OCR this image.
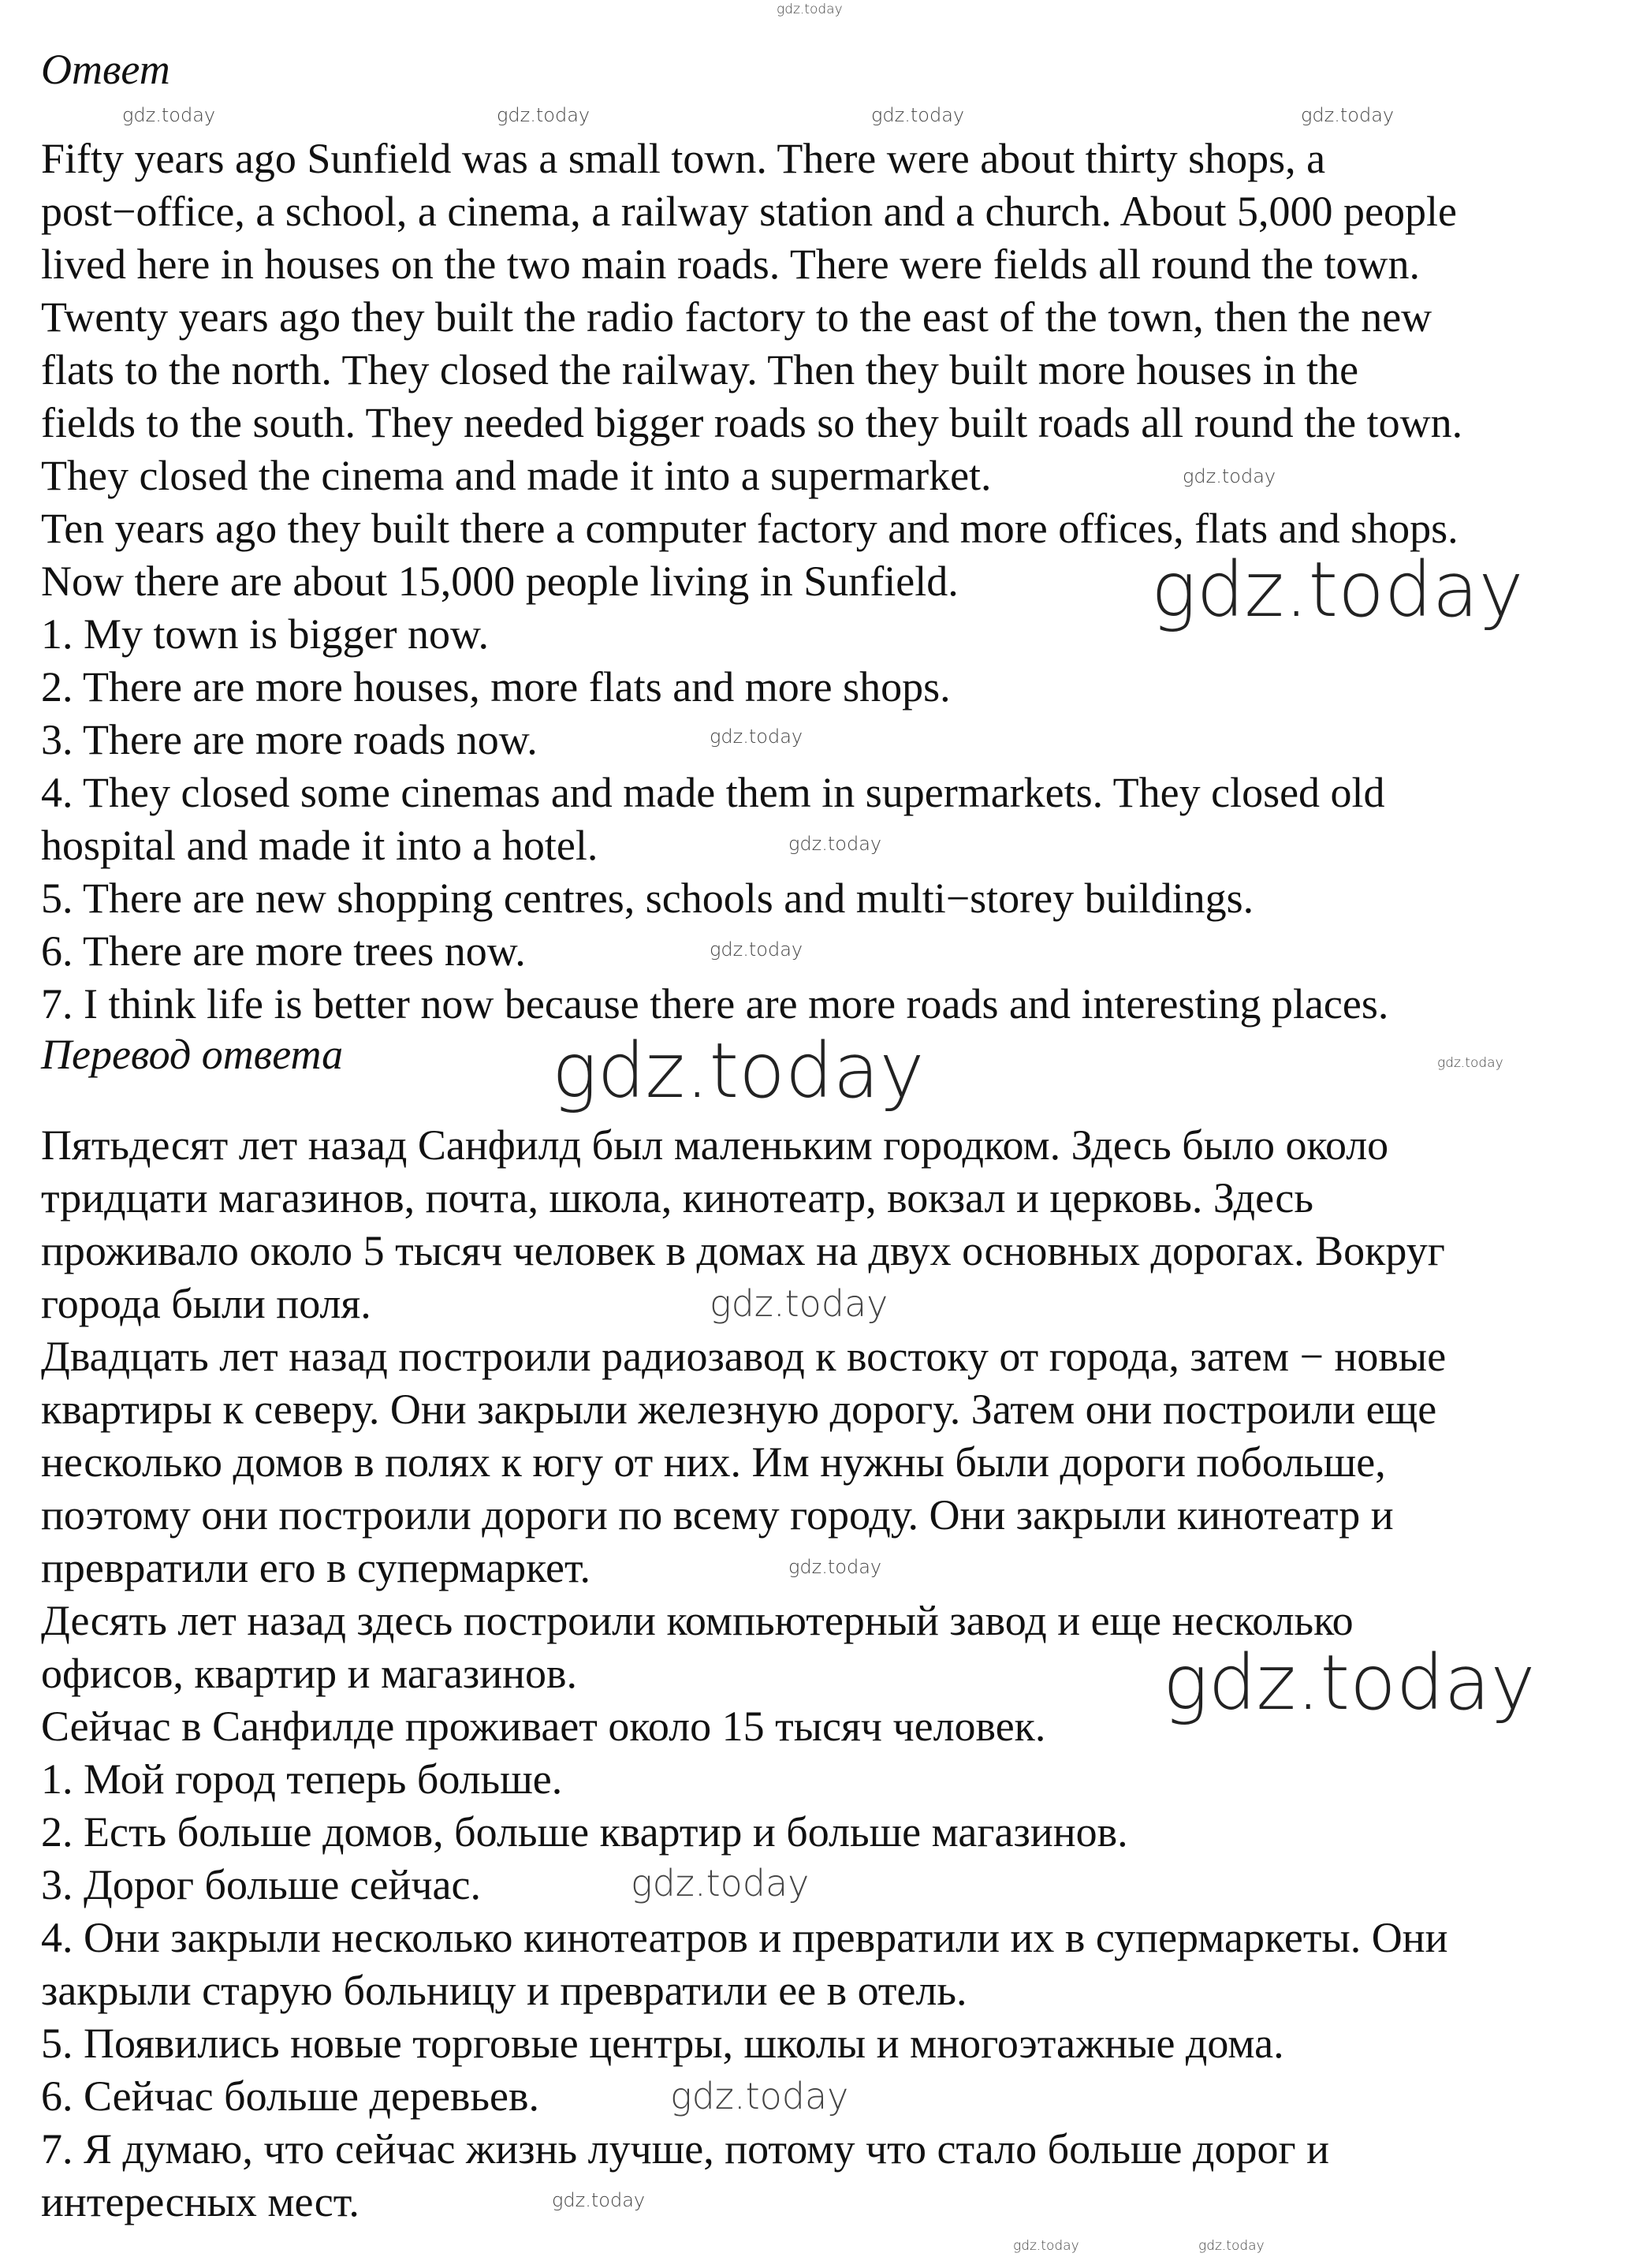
Ответ
Fifty years ago Sunfield was a small town. There were about thirty shops, a
post−office, a school, a cinema, a railway station and a church. About 5,000 people
lived here in houses on the two main roads. There were fields all round the town.
Twenty years ago they built the radio factory to the east of the town, then the new
flats to the north. They closed the railway. Then they built more houses in the
fields to the south. They needed bigger roads so they built roads all round the town.
They closed the cinema and made it into a supermarket.
Ten years ago they built there a computer factory and more offices, flats and shops.
Now there are about 15,000 people living in Sunfield.
1. My town is bigger now.
2. There are more houses, more flats and more shops.
3. There are more roads now.
4. They closed some cinemas and made them in supermarkets. They closed old
hospital and made it into a hotel.
5. There are new shopping centres, schools and multi−storey buildings.
6. There are more trees now.
7. I think life is better now because there are more roads and interesting places.
Перевод ответа
Пятьдесят лет назад Санфилд был маленьким городком. Здесь было около
тридцати магазинов, почта, школа, кинотеатр, вокзал и церковь. Здесь
проживало около 5 тысяч человек в домах на двух основных дорогах. Вокруг
города были поля.
Двадцать лет назад построили радиозавод к востоку от города, затем − новые
квартиры к северу. Они закрыли железную дорогу. Затем они построили еще
несколько домов в полях к югу от них. Им нужны были дороги побольше,
поэтому они построили дороги по всему городу. Они закрыли кинотеатр и
превратили его в супермаркет.
Десять лет назад здесь построили компьютерный завод и еще несколько
офисов, квартир и магазинов.
Сейчас в Санфилде проживает около 15 тысяч человек.
1. Мой город теперь больше.
2. Есть больше домов, больше квартир и больше магазинов.
3. Дорог больше сейчас.
4. Они закрыли несколько кинотеатров и превратили их в супермаркеты. Они
закрыли старую больницу и превратили ее в отель.
5. Появились новые торговые центры, школы и многоэтажные дома.
6. Сейчас больше деревьев.
7. Я думаю, что сейчас жизнь лучше, потому что стало больше дорог и
интересных мест.
gdz.today
gdz.today	gdz.today	gdz.today	gdz.today
gdz.today
gdz.today
gdz.today
gdz.today
gdz.today
gdz.today	gdz.today
gdz.today
gdz.today
gdz.today
gdz.today
gdz.today
gdz.today
gdz.today	gdz.today
